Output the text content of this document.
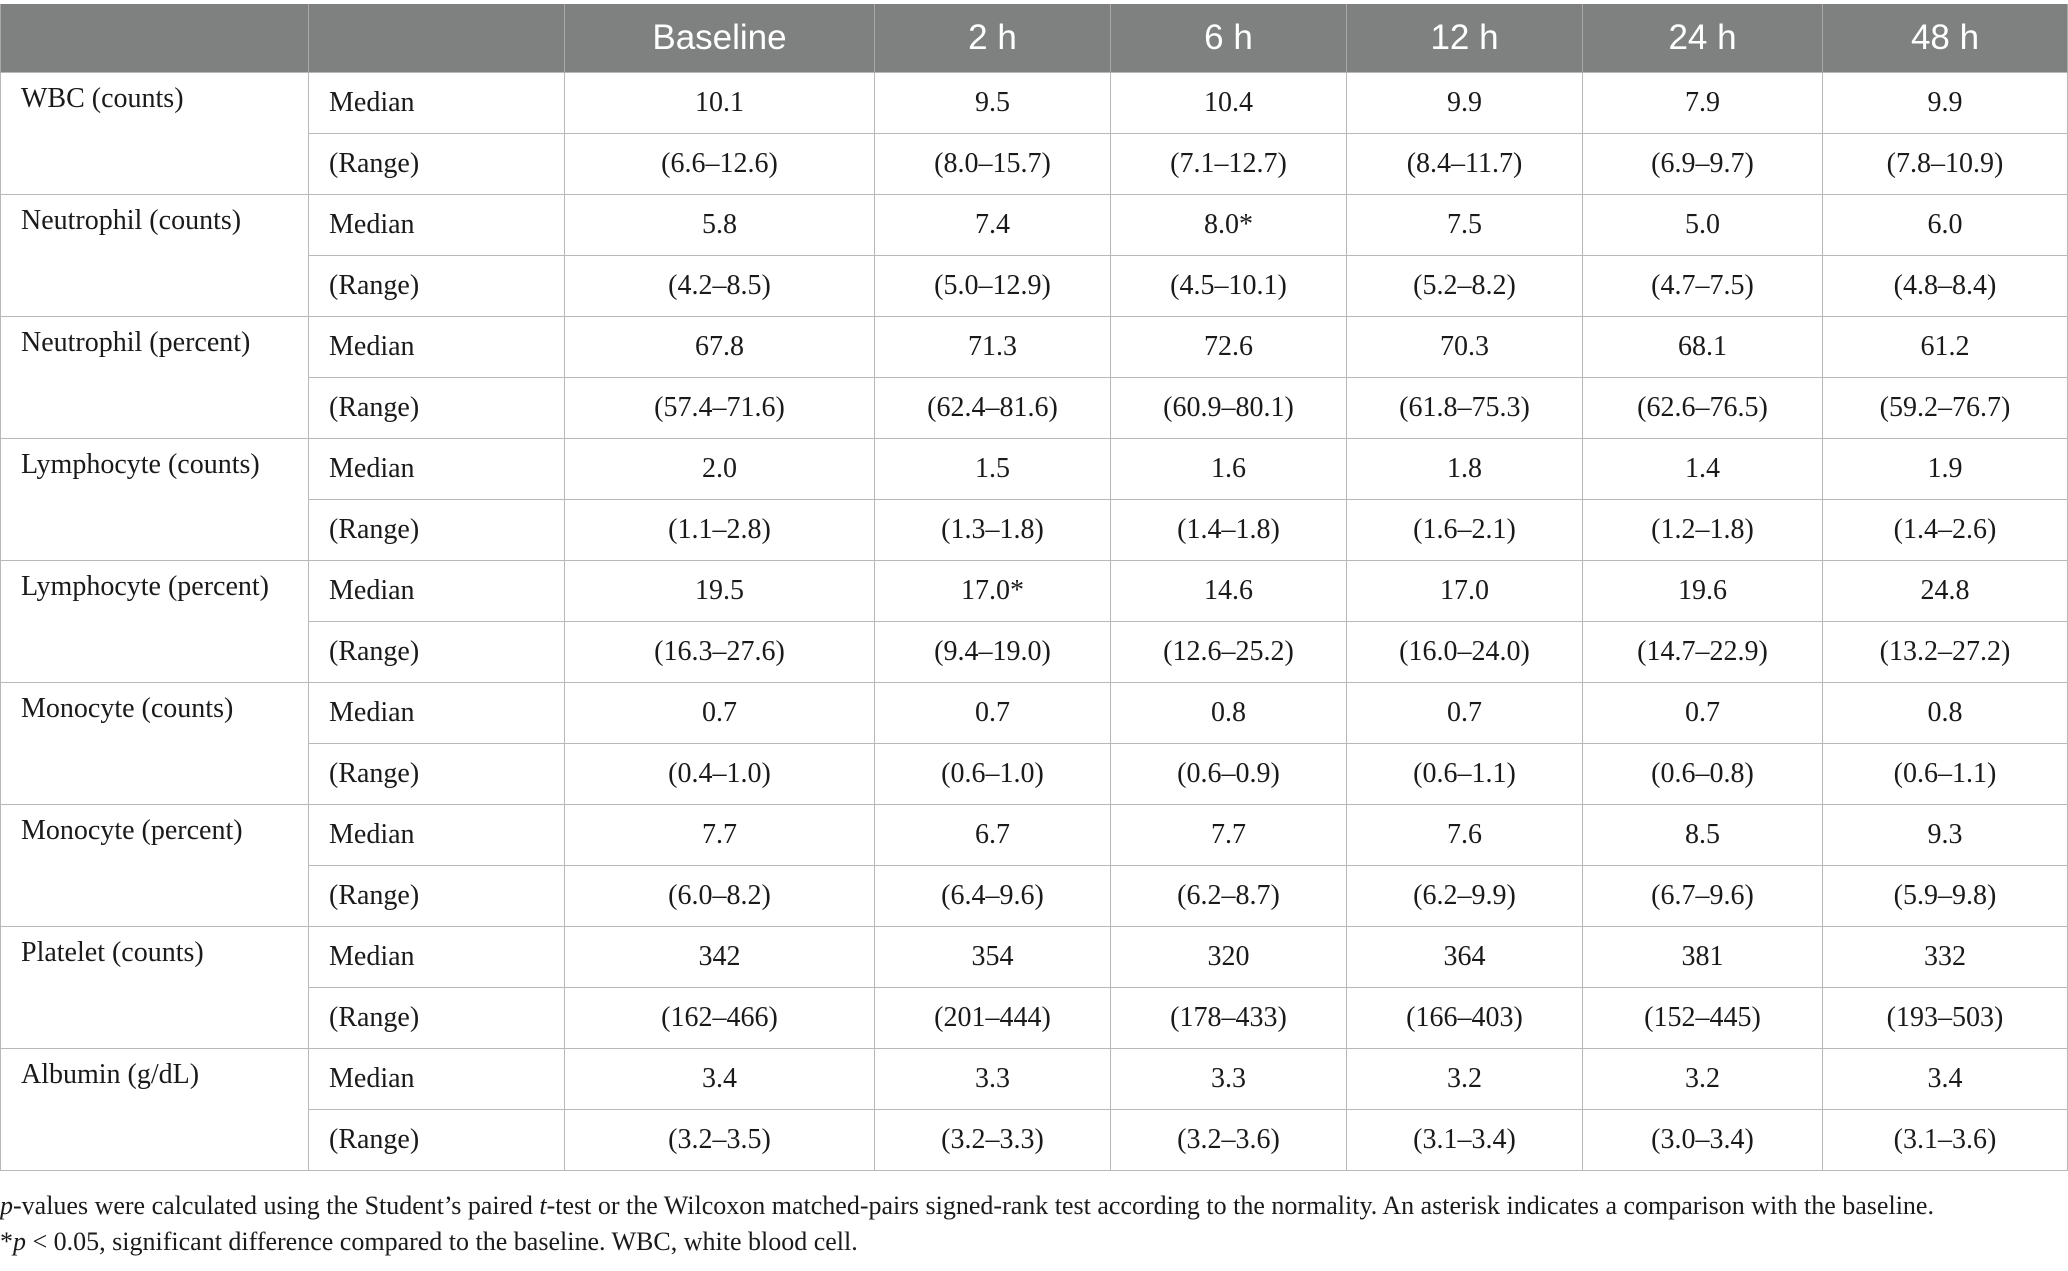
		Baseline	2 h	6 h	12 h	24 h	48 h
WBC (counts)	Median	10.1	9.5	10.4	9.9	7.9	9.9
	(Range)	(6.6–12.6)	(8.0–15.7)	(7.1–12.7)	(8.4–11.7)	(6.9–9.7)	(7.8–10.9)
Neutrophil (counts)	Median	5.8	7.4	8.0*	7.5	5.0	6.0
	(Range)	(4.2–8.5)	(5.0–12.9)	(4.5–10.1)	(5.2–8.2)	(4.7–7.5)	(4.8–8.4)
Neutrophil (percent)	Median	67.8	71.3	72.6	70.3	68.1	61.2
	(Range)	(57.4–71.6)	(62.4–81.6)	(60.9–80.1)	(61.8–75.3)	(62.6–76.5)	(59.2–76.7)
Lymphocyte (counts)	Median	2.0	1.5	1.6	1.8	1.4	1.9
	(Range)	(1.1–2.8)	(1.3–1.8)	(1.4–1.8)	(1.6–2.1)	(1.2–1.8)	(1.4–2.6)
Lymphocyte (percent)	Median	19.5	17.0*	14.6	17.0	19.6	24.8
	(Range)	(16.3–27.6)	(9.4–19.0)	(12.6–25.2)	(16.0–24.0)	(14.7–22.9)	(13.2–27.2)
Monocyte (counts)	Median	0.7	0.7	0.8	0.7	0.7	0.8
	(Range)	(0.4–1.0)	(0.6–1.0)	(0.6–0.9)	(0.6–1.1)	(0.6–0.8)	(0.6–1.1)
Monocyte (percent)	Median	7.7	6.7	7.7	7.6	8.5	9.3
	(Range)	(6.0–8.2)	(6.4–9.6)	(6.2–8.7)	(6.2–9.9)	(6.7–9.6)	(5.9–9.8)
Platelet (counts)	Median	342	354	320	364	381	332
	(Range)	(162–466)	(201–444)	(178–433)	(166–403)	(152–445)	(193–503)
Albumin (g/dL)	Median	3.4	3.3	3.3	3.2	3.2	3.4
	(Range)	(3.2–3.5)	(3.2–3.3)	(3.2–3.6)	(3.1–3.4)	(3.0–3.4)	(3.1–3.6)

p-values were calculated using the Student’s paired t-test or the Wilcoxon matched-pairs signed-rank test according to the normality. An asterisk indicates a comparison with the baseline.

*p < 0.05, significant difference compared to the baseline. WBC, white blood cell.
